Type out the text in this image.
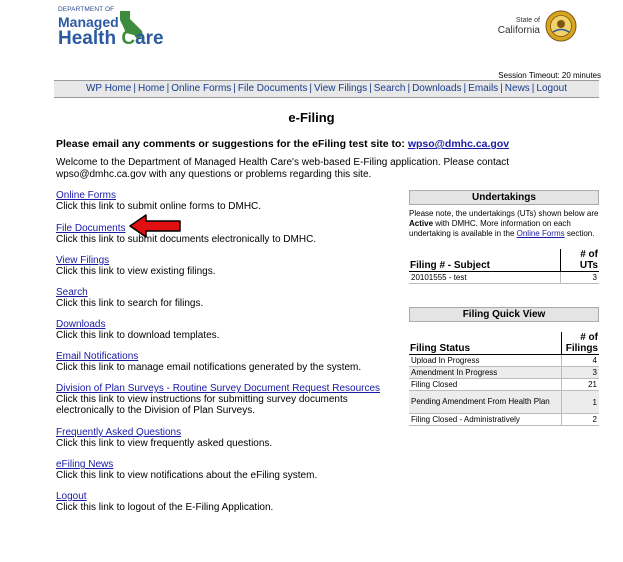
DEPARTMENT OF
Managed
Health Care
State of
California
Session Timeout: 20 minutes
WP Home | Home | Online Forms | File Documents | View Filings | Search | Downloads | Emails | News | Logout
e-Filing
Please email any comments or suggestions for the eFiling test site to: wpso@dmhc.ca.gov
Welcome to the Department of Managed Health Care's web-based E-Filing application. Please contact wpso@dmhc.ca.gov with any questions or problems regarding this site.
Online Forms
Click this link to submit online forms to DMHC.
File Documents
Click this link to submit documents electronically to DMHC.
View Filings
Click this link to view existing filings.
Search
Click this link to search for filings.
Downloads
Click this link to download templates.
Email Notifications
Click this link to manage email notifications generated by the system.
Division of Plan Surveys - Routine Survey Document Request Resources
Click this link to view instructions for submitting survey documents
electronically to the Division of Plan Surveys.
Frequently Asked Questions
Click this link to view frequently asked questions.
eFiling News
Click this link to view notifications about the eFiling system.
Logout
Click this link to logout of the E-Filing Application.
Undertakings
Please note, the undertakings (UTs) shown below are Active with DMHC. More information on each undertaking is available in the Online Forms section.
Filing # - Subject	# of
UTs
20101555 - test	3
Filing Quick View
Filing Status	# of
Filings
Upload In Progress	4
Amendment In Progress	3
Filing Closed	21
Pending Amendment From Health Plan	1
Filing Closed - Administratively	2
